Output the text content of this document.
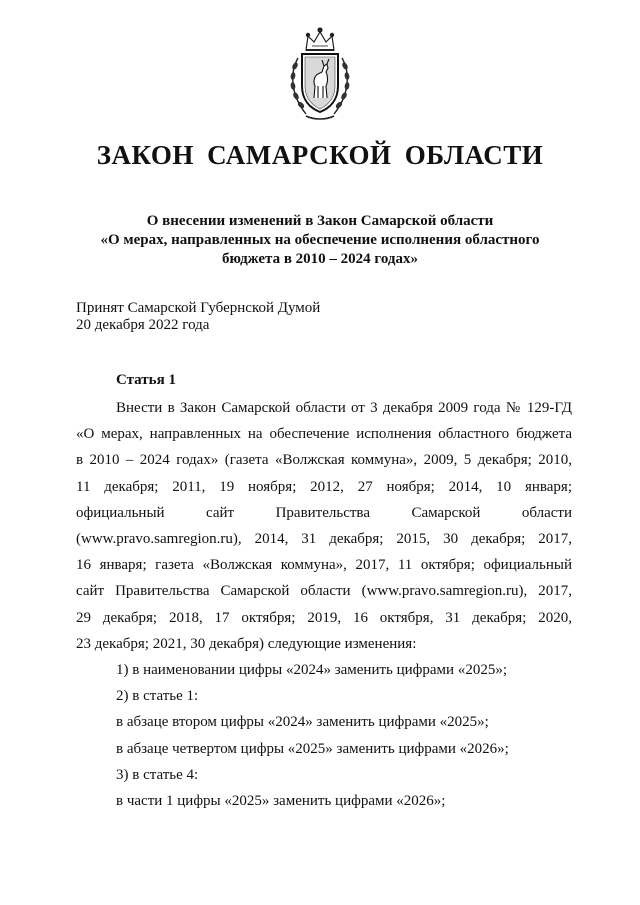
ЗАКОН САМАРСКОЙ ОБЛАСТИ
О внесении изменений в Закон Самарской области
«О мерах, направленных на обеспечение исполнения областного
бюджета в 2010 – 2024 годах»
Принят Самарской Губернской Думой
20 декабря 2022 года
Статья 1
Внести в Закон Самарской области от 3 декабря 2009 года № 129-ГД
«О мерах, направленных на обеспечение исполнения областного бюджета
в 2010 – 2024 годах» (газета «Волжская коммуна», 2009, 5 декабря; 2010,
11 декабря; 2011, 19 ноября; 2012, 27 ноября; 2014, 10 января;
официальный сайт Правительства Самарской области
(www.pravo.samregion.ru), 2014, 31 декабря; 2015, 30 декабря; 2017,
16 января; газета «Волжская коммуна», 2017, 11 октября; официальный
сайт Правительства Самарской области (www.pravo.samregion.ru), 2017,
29 декабря; 2018, 17 октября; 2019, 16 октября, 31 декабря; 2020,
23 декабря; 2021, 30 декабря) следующие изменения:
1) в наименовании цифры «2024» заменить цифрами «2025»;
2) в статье 1:
в абзаце втором цифры «2024» заменить цифрами «2025»;
в абзаце четвертом цифры «2025» заменить цифрами «2026»;
3) в статье 4:
в части 1 цифры «2025» заменить цифрами «2026»;
